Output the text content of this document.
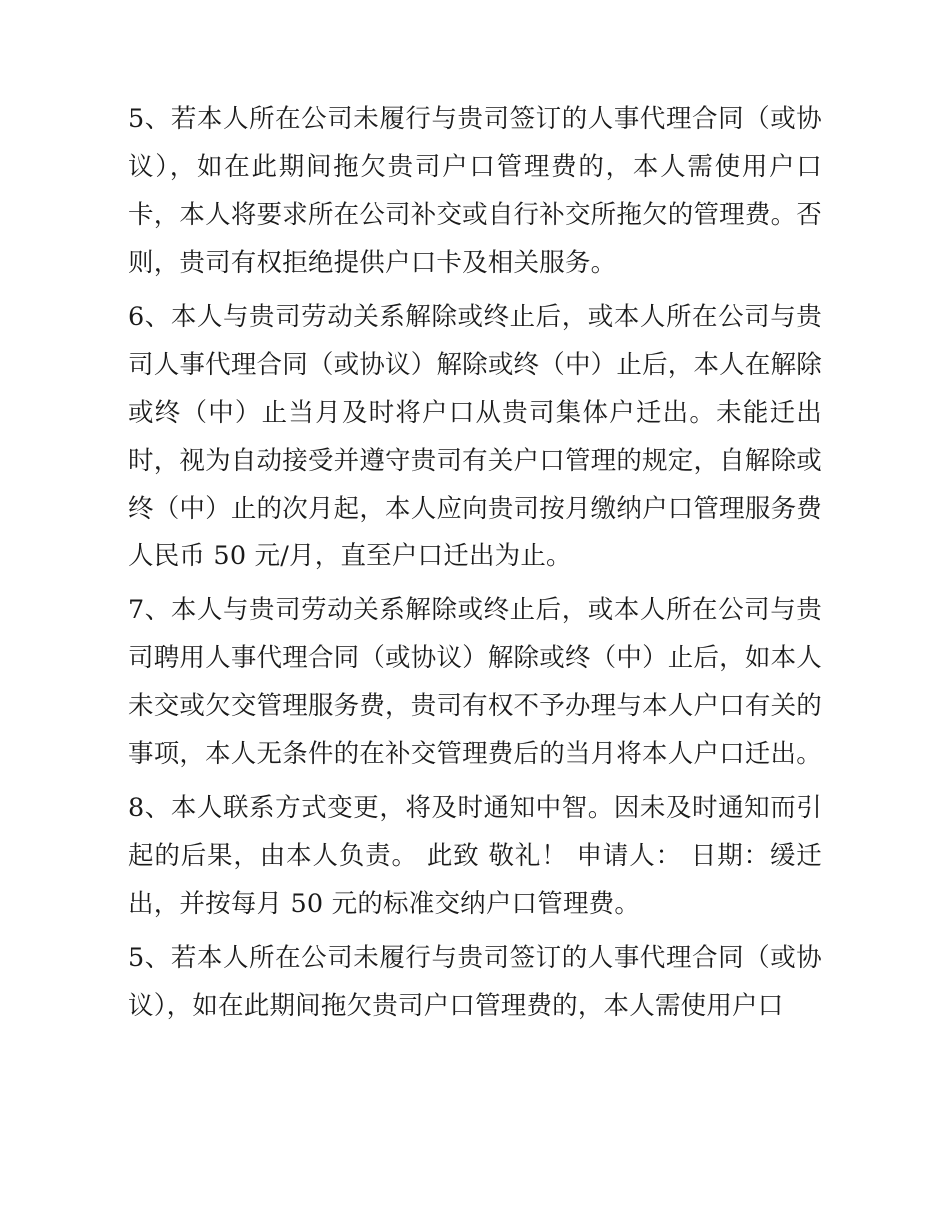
5、若本人所在公司未履行与贵司签订的人事代理合同（或协议），如在此期间拖欠贵司户口管理费的，本人需使用户口卡，本人将要求所在公司补交或自行补交所拖欠的管理费。否则，贵司有权拒绝提供户口卡及相关服务。

6、本人与贵司劳动关系解除或终止后，或本人所在公司与贵司人事代理合同（或协议）解除或终（中）止后，本人在解除或终（中）止当月及时将户口从贵司集体户迁出。未能迁出时，视为自动接受并遵守贵司有关户口管理的规定，自解除或终（中）止的次月起，本人应向贵司按月缴纳户口管理服务费人民币 50 元/月，直至户口迁出为止。

7、本人与贵司劳动关系解除或终止后，或本人所在公司与贵司聘用人事代理合同（或协议）解除或终（中）止后，如本人未交或欠交管理服务费，贵司有权不予办理与本人户口有关的事项，本人无条件的在补交管理费后的当月将本人户口迁出。

8、本人联系方式变更，将及时通知中智。因未及时通知而引起的后果，由本人负责。 此致 敬礼！ 申请人： 日期：缓迁出，并按每月 50 元的标准交纳户口管理费。

5、若本人所在公司未履行与贵司签订的人事代理合同（或协议），如在此期间拖欠贵司户口管理费的，本人需使用户口
